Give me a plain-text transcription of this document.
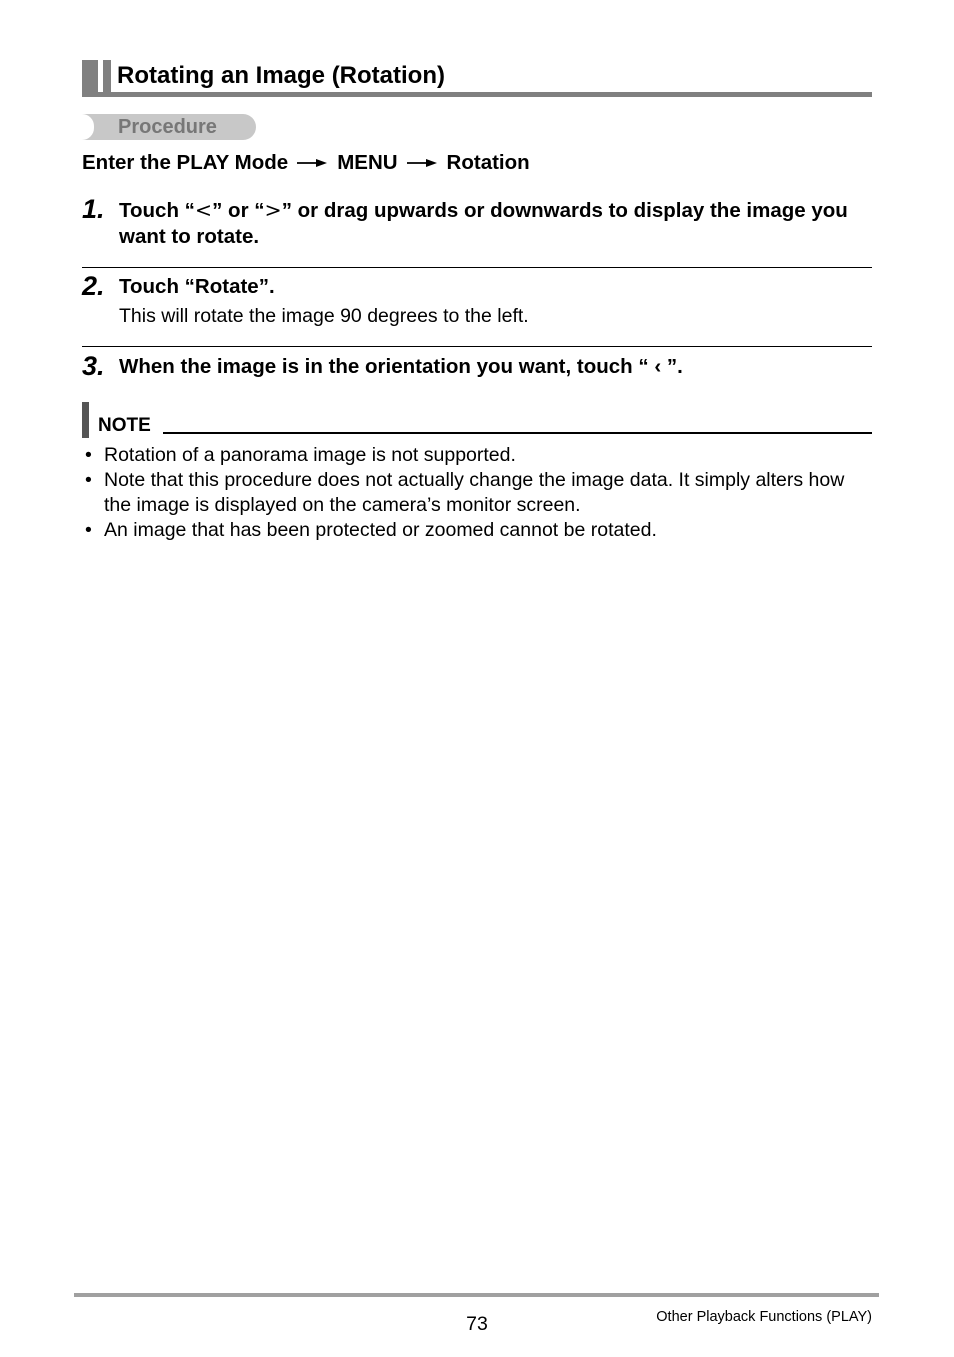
Rotating an Image (Rotation)
Procedure
Enter the PLAY Mode MENU Rotation
1. Touch “<” or “>” or drag upwards or downwards to display the image you want to rotate.
2. Touch “Rotate”.
This will rotate the image 90 degrees to the left.
3. When the image is in the orientation you want, touch “ ‹ ”.
NOTE
• Rotation of a panorama image is not supported.
• Note that this procedure does not actually change the image data. It simply alters how the image is displayed on the camera’s monitor screen.
• An image that has been protected or zoomed cannot be rotated.
73	Other Playback Functions (PLAY)
